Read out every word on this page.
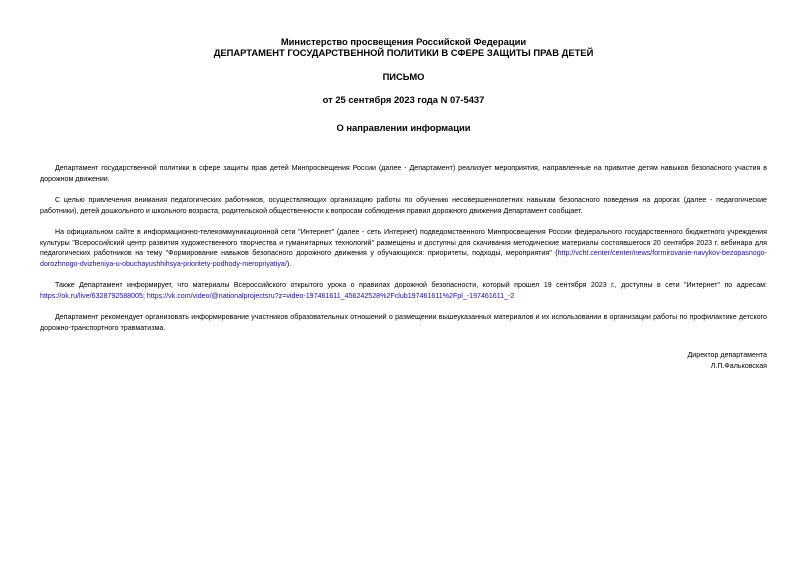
Министерство просвещения Российской Федерации
ДЕПАРТАМЕНТ ГОСУДАРСТВЕННОЙ ПОЛИТИКИ В СФЕРЕ ЗАЩИТЫ ПРАВ ДЕТЕЙ
ПИСЬМО
от 25 сентября 2023 года N 07-5437
О направлении информации

Департамент государственной политики в сфере защиты прав детей Минпросвещения России (далее - Департамент) реализует мероприятия, направленные на привитие детям навыков безопасного участия в дорожном движении.

С целью привлечения внимания педагогических работников, осуществляющих организацию работы по обучению несовершеннолетних навыкам безопасного поведения на дорогах (далее - педагогические работники), детей дошкольного и школьного возраста, родительской общественности к вопросам соблюдения правил дорожного движения Департамент сообщает.

На официальном сайте в информационно-телекоммуникационной сети "Интернет" (далее - сеть Интернет) подведомственного Минпросвещения России федерального государственного бюджетного учреждения культуры "Всероссийский центр развития художественного творчества и гуманитарных технологий" размещены и доступны для скачивания методические материалы состоявшегося 20 сентября 2023 г. вебинара для педагогических работников на тему "Формирование навыков безопасного дорожного движения у обучающихся: приоритеты, подходы, мероприятия" (http://vcht.center/center/news/formirovanie-navykov-bezopasnogo-dorozhnogo-dvizheniya-u-obuchayushhihsya-prioritety-podhody-meropriyatiya/).

Также Департамент информирует, что материалы Всероссийского открытого урока о правилах дорожной безопасности, который прошел 19 сентября 2023 г., доступны в сети "Интернет" по адресам: https://ok.ru/live/6328792588005; https://vk.com/video/@nationalprojectsru?z=video-197461611_456242528%2Fclub197461611%2Fpl_-197461611_-2

Департамент рекомендует организовать информирование участников образовательных отношений о размещении вышеуказанных материалов и их использовании в организации работы по профилактике детского дорожно-транспортного травматизма.

Директор департамента
Л.П.Фальковская
